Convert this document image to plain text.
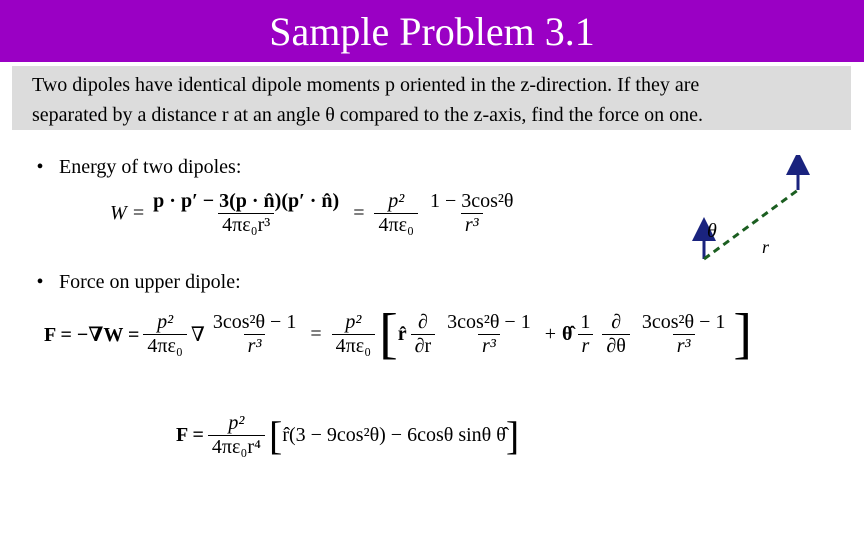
Sample Problem 3.1
Two dipoles have identical dipole moments p oriented in the z-direction. If they are
separated by a distance r at an angle θ compared to the z-axis, find the force on one.
• Energy of two dipoles:
$W = \frac{p \cdot p' - 3(p \cdot n̂)(p' \cdot n̂)}{\text{4πε₀r³}} = \frac{\text{p²}}{\text{4πε₀}} \frac{\text{1 − 3cos²θ}}{\text{r³}}$
• Force on upper dipole:
$F = -\nabla W = \frac{\text{p²}}{\text{4πε₀}}$ ∇ $\frac{\text{3cos²θ − 1}}{\text{r³}} = \frac{\text{p²}}{\text{4πε₀}}$ [ r̂ $\frac{\partial}{\partial r} \frac{\text{3cos²θ − 1}}{\text{r³}}$ + θ̂ $\frac{1}{r} \frac{\partial}{\partial\theta} \frac{\text{3cos²θ − 1}}{\text{r³}}$ ]
$F = \frac{\text{p²}}{\text{4πε₀r⁴}}$ [ r̂(3 − 9cos²θ) − 6cosθ sinθ θ̂ ]
θ
r
